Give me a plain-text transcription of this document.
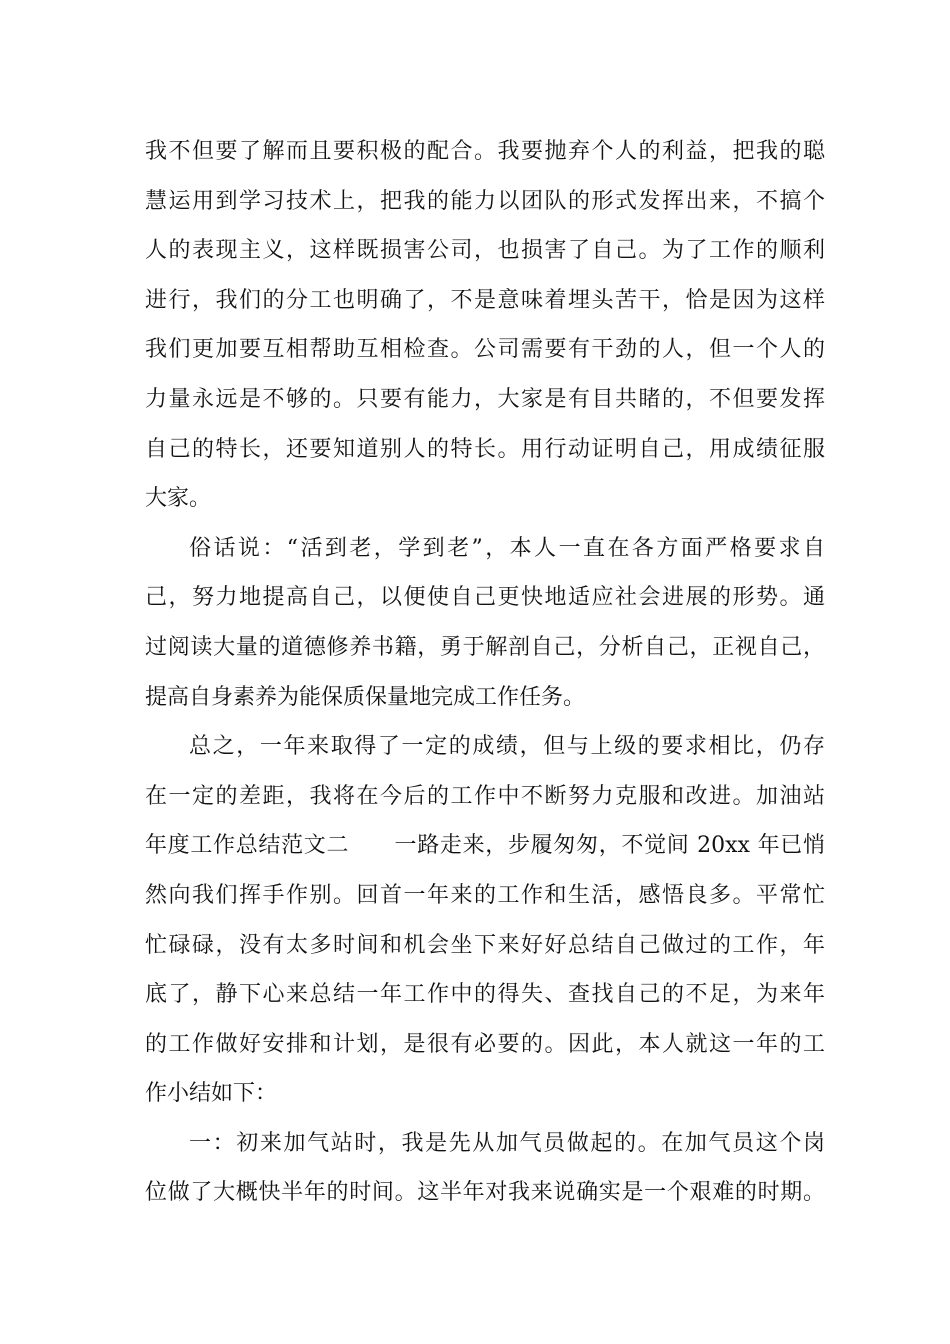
我不但要了解而且要积极的配合。我要抛弃个人的利益，把我的聪
慧运用到学习技术上，把我的能力以团队的形式发挥出来，不搞个
人的表现主义，这样既损害公司，也损害了自己。为了工作的顺利
进行，我们的分工也明确了，不是意味着埋头苦干，恰是因为这样
我们更加要互相帮助互相检查。公司需要有干劲的人，但一个人的
力量永远是不够的。只要有能力，大家是有目共睹的，不但要发挥
自己的特长，还要知道别人的特长。用行动证明自己，用成绩征服
大家。
俗话说：“活到老，学到老”，本人一直在各方面严格要求自
己，努力地提高自己，以便使自己更快地适应社会进展的形势。通
过阅读大量的道德修养书籍，勇于解剖自己，分析自己，正视自己，
提高自身素养为能保质保量地完成工作任务。
总之，一年来取得了一定的成绩，但与上级的要求相比，仍存
在一定的差距，我将在今后的工作中不断努力克服和改进。加油站
年度工作总结范文二　　一路走来，步履匆匆，不觉间 20xx 年已悄
然向我们挥手作别。回首一年来的工作和生活，感悟良多。平常忙
忙碌碌，没有太多时间和机会坐下来好好总结自己做过的工作，年
底了，静下心来总结一年工作中的得失、查找自己的不足，为来年
的工作做好安排和计划，是很有必要的。因此，本人就这一年的工
作小结如下：
一：初来加气站时，我是先从加气员做起的。在加气员这个岗
位做了大概快半年的时间。这半年对我来说确实是一个艰难的时期。
